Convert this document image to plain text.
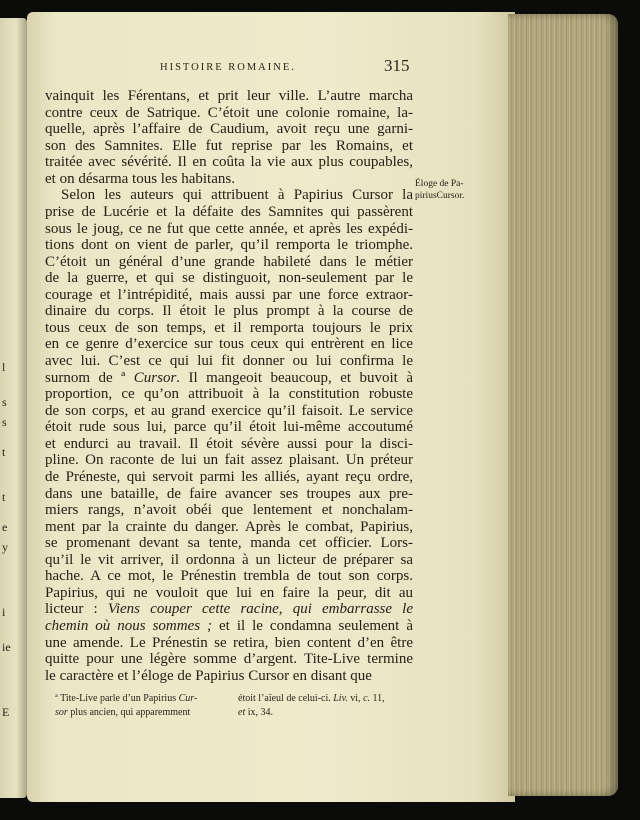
l
s
s
t
t
e
y
i
ie
E
HISTOIRE ROMAINE.	315
vainquit les Férentans, et prit leur ville. L’autre marcha
contre ceux de Satrique. C’étoit une colonie romaine, la-
quelle, après l’affaire de Caudium, avoit reçu une garni-
son des Samnites. Elle fut reprise par les Romains, et
traitée avec sévérité. Il en coûta la vie aux plus coupables,
et on désarma tous les habitans.
Selon les auteurs qui attribuent à Papirius Cursor la
prise de Lucérie et la défaite des Samnites qui passèrent
sous le joug, ce ne fut que cette année, et après les expédi-
tions dont on vient de parler, qu’il remporta le triomphe.
C’étoit un général d’une grande habileté dans le métier
de la guerre, et qui se distinguoit, non-seulement par le
courage et l’intrépidité, mais aussi par une force extraor-
dinaire du corps. Il étoit le plus prompt à la course de
tous ceux de son temps, et il remporta toujours le prix
en ce genre d’exercice sur tous ceux qui entrèrent en lice
avec lui. C’est ce qui lui fit donner ou lui confirma le
surnom de ª Cursor. Il mangeoit beaucoup, et buvoit à
proportion, ce qu’on attribuoit à la constitution robuste
de son corps, et au grand exercice qu’il faisoit. Le service
étoit rude sous lui, parce qu’il étoit lui-même accoutumé
et endurci au travail. Il étoit sévère aussi pour la disci-
pline. On raconte de lui un fait assez plaisant. Un préteur
de Préneste, qui servoit parmi les alliés, ayant reçu ordre,
dans une bataille, de faire avancer ses troupes aux pre-
miers rangs, n’avoit obéi que lentement et nonchalam-
ment par la crainte du danger. Après le combat, Papirius,
se promenant devant sa tente, manda cet officier. Lors-
qu’il le vit arriver, il ordonna à un licteur de préparer sa
hache. A ce mot, le Prénestin trembla de tout son corps.
Papirius, qui ne vouloit que lui en faire la peur, dit au
licteur : Viens couper cette racine, qui embarrasse le
chemin où nous sommes ; et il le condamna seulement à
une amende. Le Prénestin se retira, bien content d’en être
quitte pour une légère somme d’argent. Tite-Live termine
le caractère et l’éloge de Papirius Cursor en disant que
Éloge de Pa-
piriusCursor.
ª Tite-Live parle d’un Papirius Cur-
sor plus ancien, qui apparemment
étoit l’aïeul de celui-ci. Liv. vi, c. 11,
et ix, 34.
